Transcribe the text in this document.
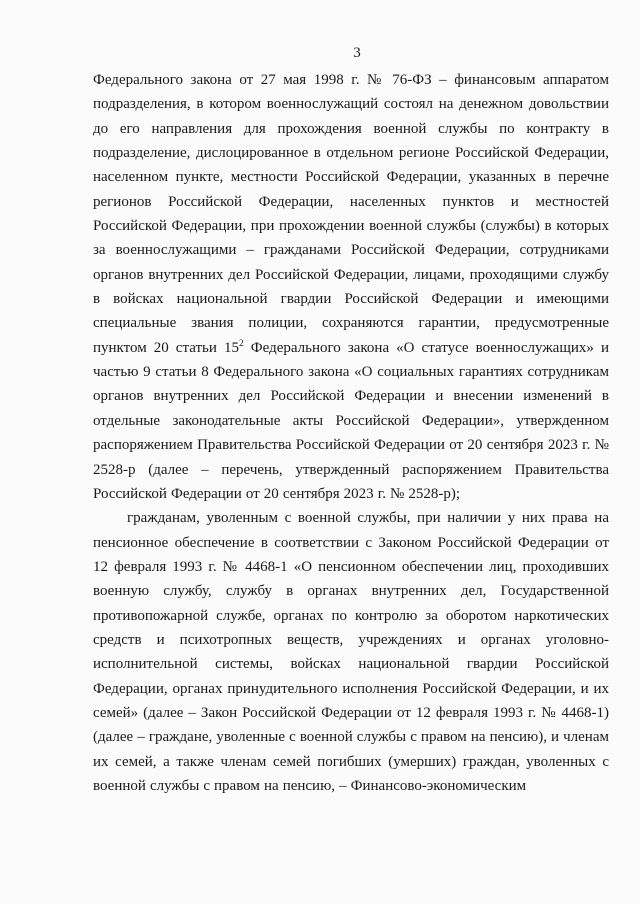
3

Федерального закона от 27 мая 1998 г. № 76-ФЗ – финансовым аппаратом подразделения, в котором военнослужащий состоял на денежном довольствии до его направления для прохождения военной службы по контракту в подразделение, дислоцированное в отдельном регионе Российской Федерации, населенном пункте, местности Российской Федерации, указанных в перечне регионов Российской Федерации, населенных пунктов и местностей Российской Федерации, при прохождении военной службы (службы) в которых за военнослужащими – гражданами Российской Федерации, сотрудниками органов внутренних дел Российской Федерации, лицами, проходящими службу в войсках национальной гвардии Российской Федерации и имеющими специальные звания полиции, сохраняются гарантии, предусмотренные пунктом 20 статьи $15^2$ Федерального закона «О статусе военнослужащих» и частью 9 статьи 8 Федерального закона «О социальных гарантиях сотрудникам органов внутренних дел Российской Федерации и внесении изменений в отдельные законодательные акты Российской Федерации», утвержденном распоряжением Правительства Российской Федерации от 20 сентября 2023 г. № 2528-р (далее – перечень, утвержденный распоряжением Правительства Российской Федерации от 20 сентября 2023 г. № 2528-р);

гражданам, уволенным с военной службы, при наличии у них права на пенсионное обеспечение в соответствии с Законом Российской Федерации от 12 февраля 1993 г. № 4468-1 «О пенсионном обеспечении лиц, проходивших военную службу, службу в органах внутренних дел, Государственной противопожарной службе, органах по контролю за оборотом наркотических средств и психотропных веществ, учреждениях и органах уголовно-исполнительной системы, войсках национальной гвардии Российской Федерации, органах принудительного исполнения Российской Федерации, и их семей» (далее – Закон Российской Федерации от 12 февраля 1993 г. № 4468-1) (далее – граждане, уволенные с военной службы с правом на пенсию), и членам их семей, а также членам семей погибших (умерших) граждан, уволенных с военной службы с правом на пенсию, – Финансово-экономическим
